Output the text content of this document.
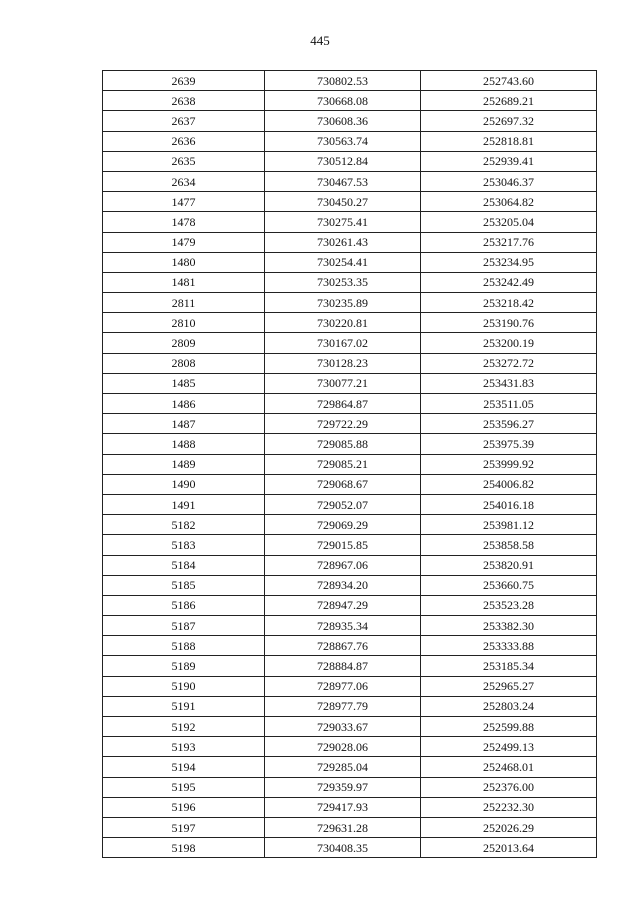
445
2639	730802.53	252743.60
2638	730668.08	252689.21
2637	730608.36	252697.32
2636	730563.74	252818.81
2635	730512.84	252939.41
2634	730467.53	253046.37
1477	730450.27	253064.82
1478	730275.41	253205.04
1479	730261.43	253217.76
1480	730254.41	253234.95
1481	730253.35	253242.49
2811	730235.89	253218.42
2810	730220.81	253190.76
2809	730167.02	253200.19
2808	730128.23	253272.72
1485	730077.21	253431.83
1486	729864.87	253511.05
1487	729722.29	253596.27
1488	729085.88	253975.39
1489	729085.21	253999.92
1490	729068.67	254006.82
1491	729052.07	254016.18
5182	729069.29	253981.12
5183	729015.85	253858.58
5184	728967.06	253820.91
5185	728934.20	253660.75
5186	728947.29	253523.28
5187	728935.34	253382.30
5188	728867.76	253333.88
5189	728884.87	253185.34
5190	728977.06	252965.27
5191	728977.79	252803.24
5192	729033.67	252599.88
5193	729028.06	252499.13
5194	729285.04	252468.01
5195	729359.97	252376.00
5196	729417.93	252232.30
5197	729631.28	252026.29
5198	730408.35	252013.64
